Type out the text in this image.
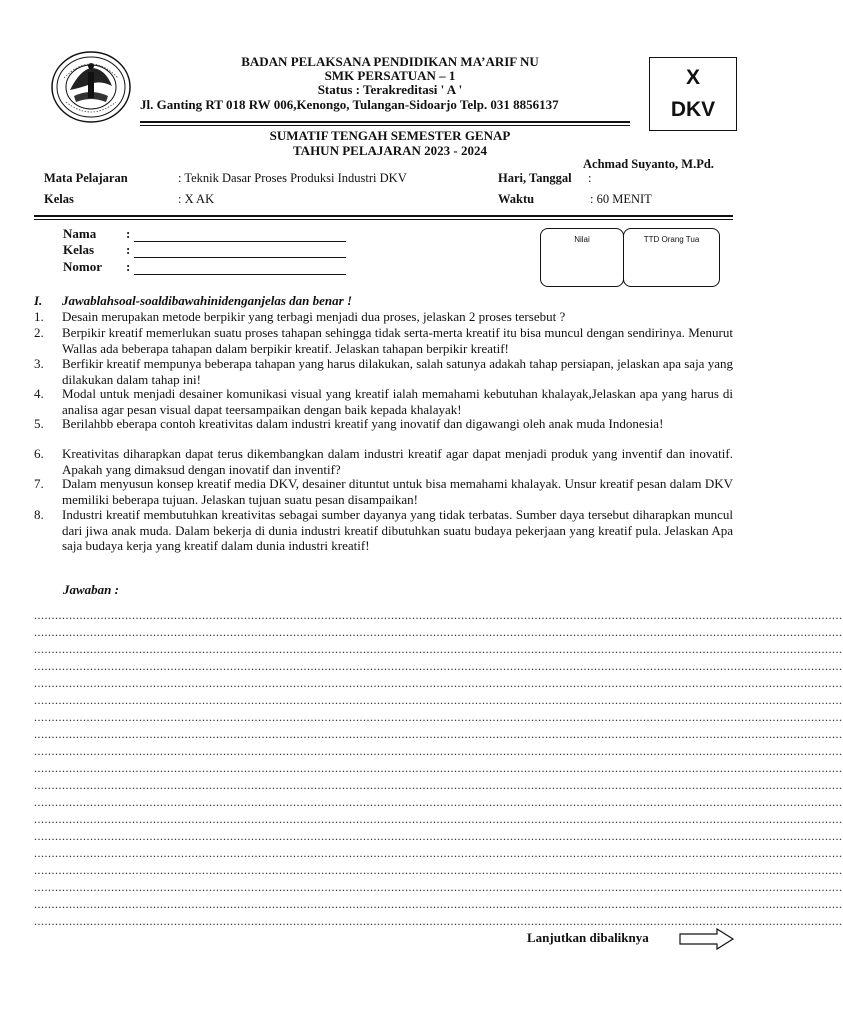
BADAN PELAKSANA PENDIDIKAN MA’ARIF NU
SMK PERSATUAN – 1
Status : Terakreditasi ' A '
Jl. Ganting RT 018 RW 006,Kenongo, Tulangan-Sidoarjo Telp. 031 8856137
X
DKV
SUMATIF TENGAH SEMESTER GENAP
TAHUN PELAJARAN 2023 - 2024
Achmad Suyanto, M.Pd.
Mata Pelajaran	: Teknik Dasar Proses Produksi Industri DKV	Hari, Tanggal :
Kelas	: X AK	Waktu	: 60 MENIT
Nama :
Kelas :
Nomor :
Nilai	TTD Orang Tua
I. Jawablahsoal-soaldibawahinidenganjelas dan benar !
1. Desain merupakan metode berpikir yang terbagi menjadi dua proses, jelaskan 2 proses tersebut ?
2. Berpikir kreatif memerlukan suatu proses tahapan sehingga tidak serta-merta kreatif itu bisa muncul dengan sendirinya. Menurut Wallas ada beberapa tahapan dalam berpikir kreatif. Jelaskan tahapan berpikir kreatif!
3. Berfikir kreatif mempunya beberapa tahapan yang harus dilakukan, salah satunya adakah tahap persiapan, jelaskan apa saja yang dilakukan dalam tahap ini!
4. Modal untuk menjadi desainer komunikasi visual yang kreatif ialah memahami kebutuhan khalayak,Jelaskan apa yang harus di analisa agar pesan visual dapat teersampaikan dengan baik kepada khalayak!
5. Berilahbb eberapa contoh kreativitas dalam industri kreatif yang inovatif dan digawangi oleh anak muda Indonesia!
6. Kreativitas diharapkan dapat terus dikembangkan dalam industri kreatif agar dapat menjadi produk yang inventif dan inovatif. Apakah yang dimaksud dengan inovatif dan inventif?
7. Dalam menyusun konsep kreatif media DKV, desainer dituntut untuk bisa memahami khalayak. Unsur kreatif pesan dalam DKV memiliki beberapa tujuan. Jelaskan tujuan suatu pesan disampaikan!
8. Industri kreatif membutuhkan kreativitas sebagai sumber dayanya yang tidak terbatas. Sumber daya tersebut diharapkan muncul dari jiwa anak muda. Dalam bekerja di dunia industri kreatif dibutuhkan suatu budaya pekerjaan yang kreatif pula. Jelaskan Apa saja budaya kerja yang kreatif dalam dunia industri kreatif!
Jawaban :
.......................................................................................................................................................................................................................................
.......................................................................................................................................................................................................................................
.......................................................................................................................................................................................................................................
.......................................................................................................................................................................................................................................
.......................................................................................................................................................................................................................................
.......................................................................................................................................................................................................................................
.......................................................................................................................................................................................................................................
.......................................................................................................................................................................................................................................
.......................................................................................................................................................................................................................................
.......................................................................................................................................................................................................................................
.......................................................................................................................................................................................................................................
.......................................................................................................................................................................................................................................
.......................................................................................................................................................................................................................................
.......................................................................................................................................................................................................................................
.......................................................................................................................................................................................................................................
.......................................................................................................................................................................................................................................
.......................................................................................................................................................................................................................................
.......................................................................................................................................................................................................................................
.......................................................................................................................................................................................................................................
Lanjutkan dibaliknya
